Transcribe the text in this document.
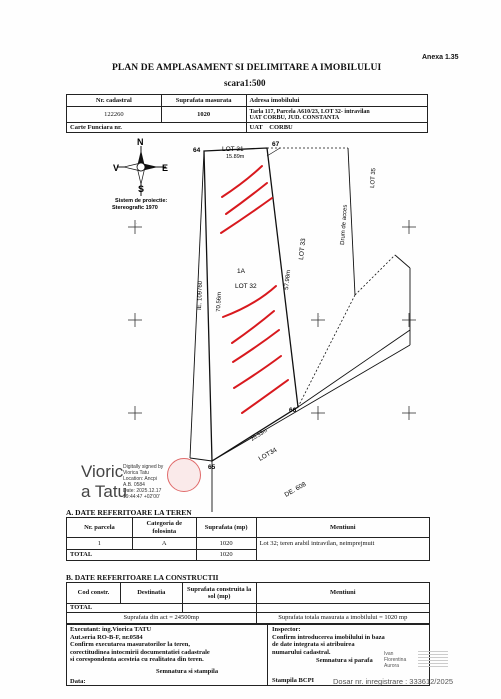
Anexa 1.35
PLAN DE AMPLASAMENT SI DELIMITARE A IMOBILULUI
scara1:500
Nr. cadastral	Suprafata masurata	Adresa imobilului
122260	1020	Tarla 117, Parcela A610/23, LOT 32- intravilan
UAT CORBU, JUD. CONSTANTA

Carte Funciara nr.		UAT CORBU
N
V	E
S
Sistem de proiectie:
Stereografic 1970
.
.
64
67
66
65
LOT 31
15.89m
1A
LOT 32
IE. 109760 70.56m
57.98m
LOT 33
20.33m
LOT34
Drum de acces
LOT 35
DE. 608
Vioric
a Tatu
Digitally signed by
Viorica Tatu
Location: Ancpi
A.B. 0584
Date: 2025.12.17
19:44:47 +02'00'
A. DATE REFERITOARE LA TEREN
Nr. parcela	Categoria de folosinta	Suprafata (mp)	Mentiuni
1	A	1020	Lot 32; teren arabil intravilan, neimprejmuit
TOTAL		1020	
B. DATE REFERITOARE LA CONSTRUCTII
Cod constr.	Destinatia	Suprafata construita la sol (mp)	Mentiuni
TOTAL			
Suprafata din act = 24500mp			Suprafata totala masurata a imobilului = 1020 mp
Executant: ing.Viorica TATU
Aut.seria RO-B-F, nr.0584
Confirm executarea masuratorilor la teren,
corectitudinea intocmirii documentatiei cadastrale
si corespondenta acesteia cu realitatea din teren.
Semnatura si stampila
Data:
Inspector:
Confirm introducerea imobilului in baza
de date integrata si atribuirea
numarului cadastral.
Semnatura si parafa
Ivan
Florentina
Aurora
Stampila BCPI	Dosar nr. inregistrare : 333612/2025
